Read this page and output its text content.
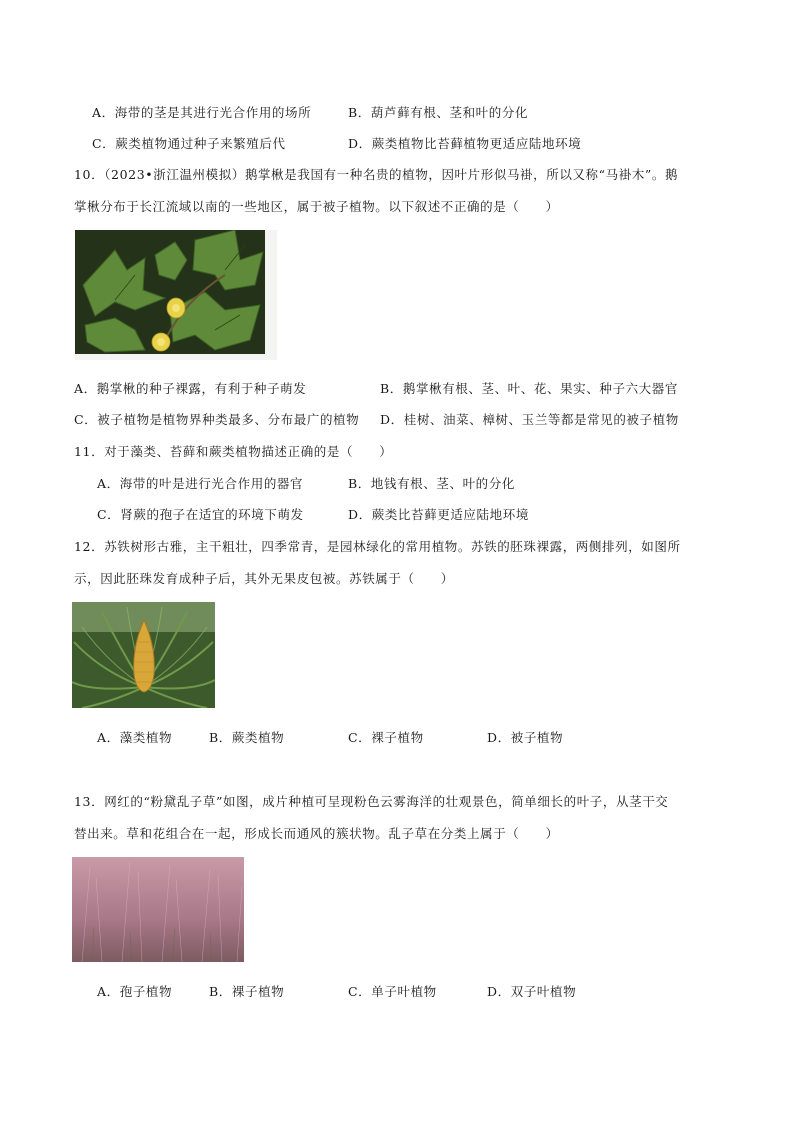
A．海带的茎是其进行光合作用的场所	B．葫芦藓有根、茎和叶的分化
C．蕨类植物通过种子来繁殖后代	D．蕨类植物比苔藓植物更适应陆地环境
10．（2023•浙江温州模拟）鹅掌楸是我国有一种名贵的植物，因叶片形似马褂，所以又称“马褂木”。鹅
掌楸分布于长江流域以南的一些地区，属于被子植物。以下叙述不正确的是（　　）
A．鹅掌楸的种子裸露，有利于种子萌发	B．鹅掌楸有根、茎、叶、花、果实、种子六大器官
C．被子植物是植物界种类最多、分布最广的植物 D．桂树、油菜、樟树、玉兰等都是常见的被子植物
11．对于藻类、苔藓和蕨类植物描述正确的是（　　）
A．海带的叶是进行光合作用的器官	B．地钱有根、茎、叶的分化
C．肾蕨的孢子在适宜的环境下萌发	D．蕨类比苔藓更适应陆地环境
12．苏铁树形古雅，主干粗壮，四季常青，是园林绿化的常用植物。苏铁的胚珠裸露，两侧排列，如图所
示，因此胚珠发育成种子后，其外无果皮包被。苏铁属于（　　）
A．藻类植物	B．蕨类植物	C．裸子植物	D．被子植物
13．网红的“粉黛乱子草”如图，成片种植可呈现粉色云雾海洋的壮观景色，简单细长的叶子，从茎干交
替出来。草和花组合在一起，形成长而通风的簇状物。乱子草在分类上属于（　　）
A．孢子植物	B．裸子植物	C．单子叶植物	D．双子叶植物
